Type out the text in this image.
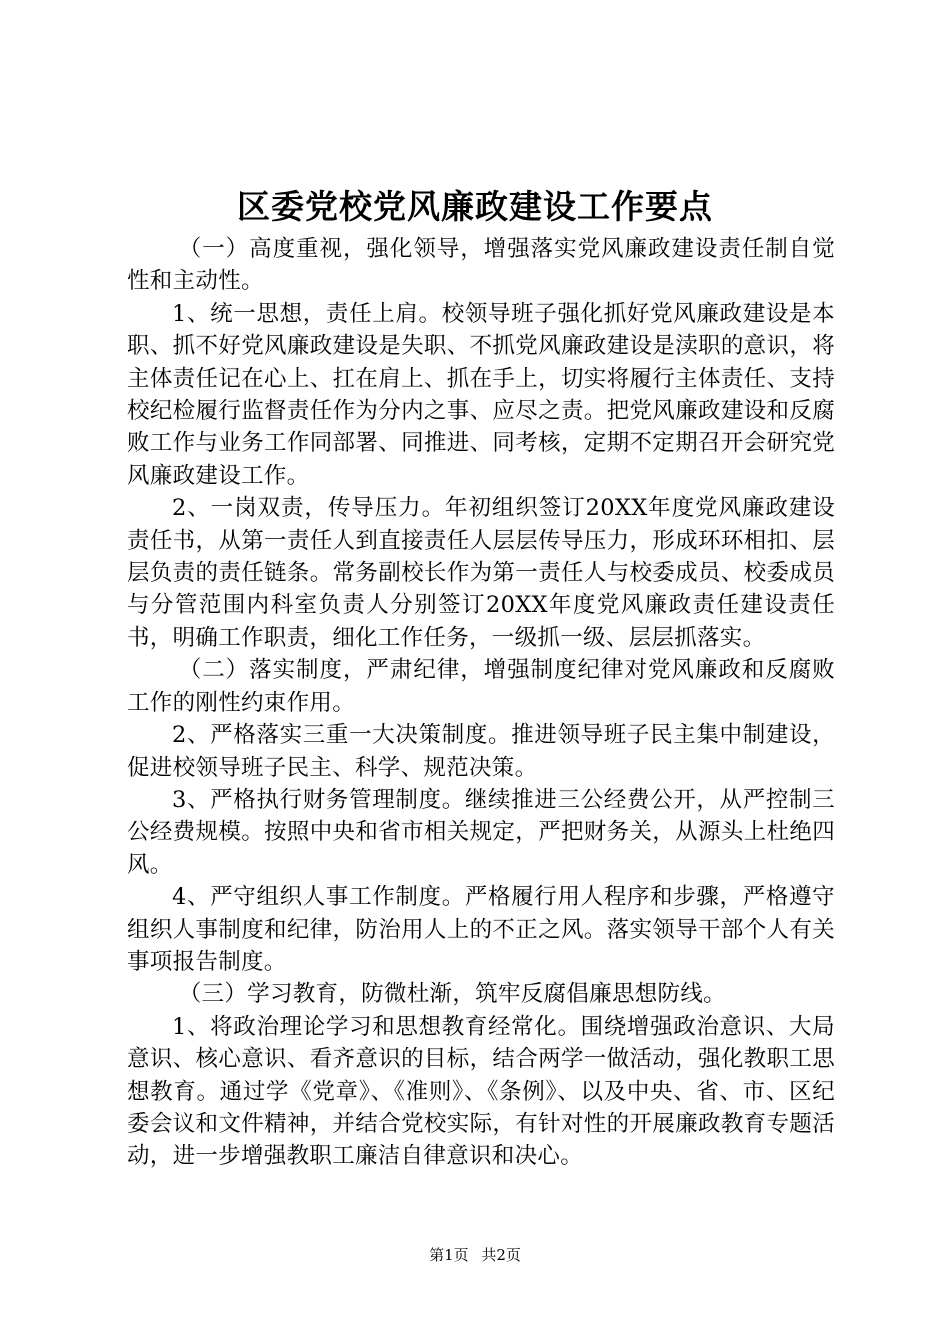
区委党校党风廉政建设工作要点

（一）高度重视，强化领导，增强落实党风廉政建设责任制自觉性和主动性。

1、统一思想，责任上肩。校领导班子强化抓好党风廉政建设是本职、抓不好党风廉政建设是失职、不抓党风廉政建设是渎职的意识，将主体责任记在心上、扛在肩上、抓在手上，切实将履行主体责任、支持校纪检履行监督责任作为分内之事、应尽之责。把党风廉政建设和反腐败工作与业务工作同部署、同推进、同考核，定期不定期召开会研究党风廉政建设工作。

2、一岗双责，传导压力。年初组织签订20XX年度党风廉政建设责任书，从第一责任人到直接责任人层层传导压力，形成环环相扣、层层负责的责任链条。常务副校长作为第一责任人与校委成员、校委成员与分管范围内科室负责人分别签订20XX年度党风廉政责任建设责任书，明确工作职责，细化工作任务，一级抓一级、层层抓落实。

（二）落实制度，严肃纪律，增强制度纪律对党风廉政和反腐败工作的刚性约束作用。

2、严格落实三重一大决策制度。推进领导班子民主集中制建设，促进校领导班子民主、科学、规范决策。

3、严格执行财务管理制度。继续推进三公经费公开，从严控制三公经费规模。按照中央和省市相关规定，严把财务关，从源头上杜绝四风。

4、严守组织人事工作制度。严格履行用人程序和步骤，严格遵守组织人事制度和纪律，防治用人上的不正之风。落实领导干部个人有关事项报告制度。

（三）学习教育，防微杜渐，筑牢反腐倡廉思想防线。

1、将政治理论学习和思想教育经常化。围绕增强政治意识、大局意识、核心意识、看齐意识的目标，结合两学一做活动，强化教职工思想教育。通过学《党章》、《准则》、《条例》、以及中央、省、市、区纪委会议和文件精神，并结合党校实际，有针对性的开展廉政教育专题活动，进一步增强教职工廉洁自律意识和决心。

第1页 共2页
